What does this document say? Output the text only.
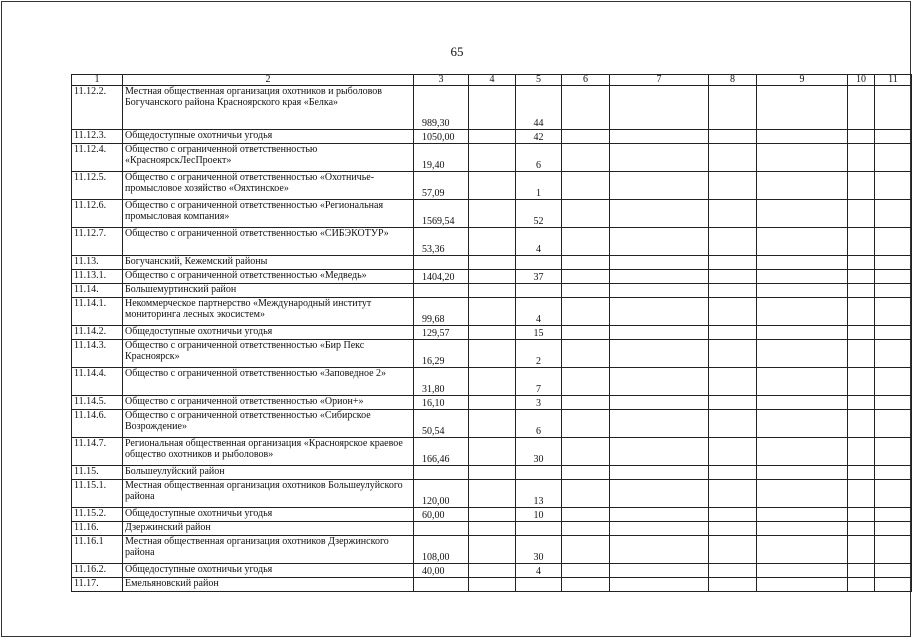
65
1	2	3	4	5	6	7	8	9	10	11
11.12.2.	Местная общественная организация охотников и рыболовов Богучанского района Красноярского края «Белка»	989,30		44						
11.12.3.	Общедоступные охотничьи угодья	1050,00		42						
11.12.4.	Общество с ограниченной ответственностью «КрасноярскЛесПроект»	19,40		6						
11.12.5.	Общество с ограниченной ответственностью «Охотничье-промысловое хозяйство «Ояхтинское»	57,09		1						
11.12.6.	Общество с ограниченной ответственностью «Региональная промысловая компания»	1569,54		52						
11.12.7.	Общество с ограниченной ответственностью «СИБЭКОТУР»	53,36		4						
11.13.	Богучанский, Кежемский районы									
11.13.1.	Общество с ограниченной ответственностью «Медведь»	1404,20		37						
11.14.	Большемуртинский район									
11.14.1.	Некоммерческое партнерство «Международный институт мониторинга лесных экосистем»	99,68		4						
11.14.2.	Общедоступные охотничьи угодья	129,57		15						
11.14.3.	Общество с ограниченной ответственностью «Бир Пекс Красноярск»	16,29		2						
11.14.4.	Общество с ограниченной ответственностью «Заповедное 2»	31,80		7						
11.14.5.	Общество с ограниченной ответственностью «Орион+»	16,10		3						
11.14.6.	Общество с ограниченной ответственностью «Сибирское Возрождение»	50,54		6						
11.14.7.	Региональная общественная организация «Красноярское краевое общество охотников и рыболовов»	166,46		30						
11.15.	Большеулуйский район									
11.15.1.	Местная общественная организация охотников Большеулуйского района	120,00		13						
11.15.2.	Общедоступные охотничьи угодья	60,00		10						
11.16.	Дзержинский район									
11.16.1	Местная общественная организация охотников Дзержинского района	108,00		30						
11.16.2.	Общедоступные охотничьи угодья	40,00		4						
11.17.	Емельяновский район									
